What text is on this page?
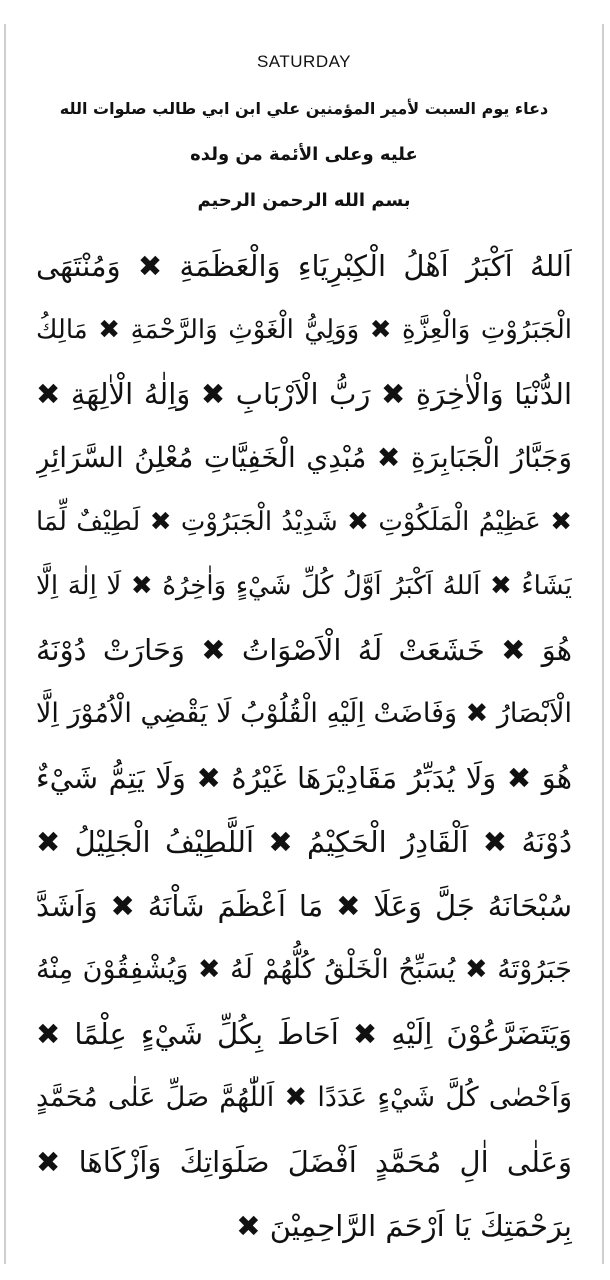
SATURDAY
دعاء يوم السبت لأمير المؤمنين علي ابن ابي طالب صلوات الله
عليه وعلى الأئمة من ولده
بسم الله الرحمن الرحيم
اَللهُ اَكْبَرُ اَهْلُ الْكِبْرِيَاءِ وَالْعَظَمَةِ ✖ وَمُنْتَهَى
الْجَبَرُوْتِ وَالْعِزَّةِ ✖ وَوَلِيُّ الْغَوْثِ وَالرَّحْمَةِ ✖ مَالِكُ
الدُّنْيَا وَالْاٰخِرَةِ ✖ رَبُّ الْاَرْبَابِ ✖ وَاِلٰهُ الْاٰلِهَةِ ✖
وَجَبَّارُ الْجَبَابِرَةِ ✖ مُبْدِي الْخَفِيَّاتِ مُعْلِنُ السَّرَائِرِ
✖ عَظِيْمُ الْمَلَكُوْتِ ✖ شَدِيْدُ الْجَبَرُوْتِ ✖ لَطِيْفٌ لِّمَا
يَشَاءُ ✖ اَللهُ اَكْبَرُ اَوَّلُ كُلِّ شَيْءٍ وَاٰخِرُهُ ✖ لَا اِلٰهَ اِلَّا
هُوَ ✖ خَشَعَتْ لَهُ الْاَصْوَاتُ ✖ وَحَارَتْ دُوْنَهُ
الْاَبْصَارُ ✖ وَفَاضَتْ اِلَيْهِ الْقُلُوْبُ لَا يَقْضِي الْاُمُوْرَ اِلَّا
هُوَ ✖ وَلَا يُدَبِّرُ مَقَادِيْرَهَا غَيْرُهُ ✖ وَلَا يَتِمُّ شَيْءٌ
دُوْنَهُ ✖ اَلْقَادِرُ الْحَكِيْمُ ✖ اَللَّطِيْفُ الْجَلِيْلُ ✖
سُبْحَانَهُ جَلَّ وَعَلَا ✖ مَا اَعْظَمَ شَاْنَهُ ✖ وَاَشَدَّ
جَبَرُوْتَهُ ✖ يُسَبِّحُ الْخَلْقُ كُلُّهُمْ لَهُ ✖ وَيُشْفِقُوْنَ مِنْهُ
وَيَتَضَرَّعُوْنَ اِلَيْهِ ✖ اَحَاطَ بِكُلِّ شَيْءٍ عِلْمًا ✖
وَاَحْصٰى كُلَّ شَيْءٍ عَدَدًا ✖ اَللّٰهُمَّ صَلِّ عَلٰى مُحَمَّدٍ
وَعَلٰى اٰلِ مُحَمَّدٍ اَفْضَلَ صَلَوَاتِكَ وَاَزْكَاهَا ✖
بِرَحْمَتِكَ يَا اَرْحَمَ الرَّاحِمِيْنَ ✖
